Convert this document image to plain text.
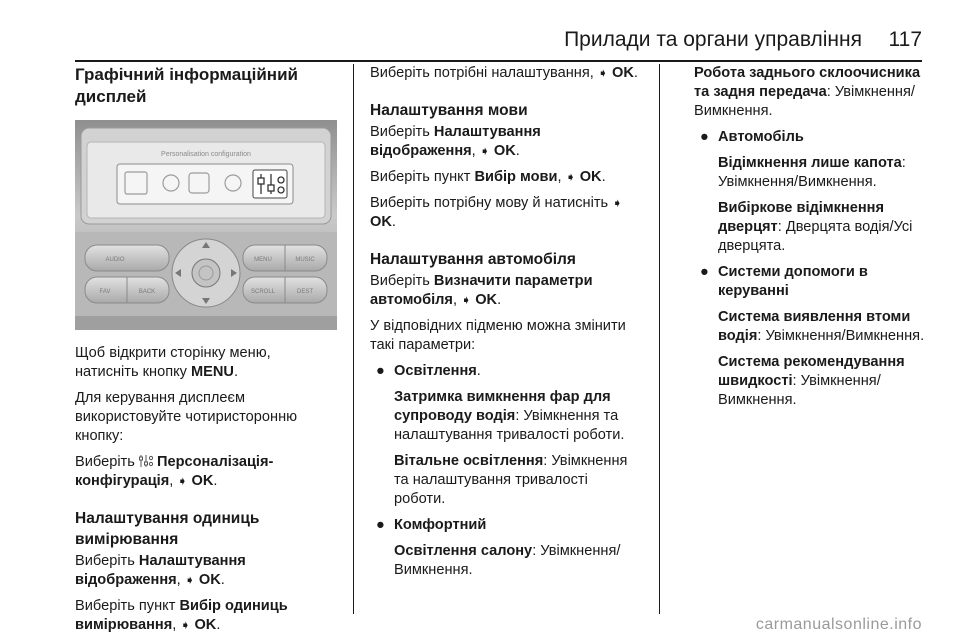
Прилади та органи управління 117
Графічний інформаційний
дисплей
Personalisation configuration
AUDIO	MENU	MUSIC
BACK
FAV	SCROLL	DEST

Щоб відкрити сторінку меню, натисніть кнопку MENU.

Для керування дисплеєм використовуйте чотиристоронню кнопку:

Виберіть  Персоналізація-конфігурація, ➧ OK.

Налаштування одиниць
вимірювання

Виберіть Налаштування відображення, ➧ OK.

Виберіть пункт Вибір одиниць вимірювання, ➧ OK.

Виберіть потрібні налаштування, ➧ OK.

Налаштування мови

Виберіть Налаштування відображення, ➧ OK.

Виберіть пункт Вибір мови, ➧ OK.

Виберіть потрібну мову й натисніть ➧ OK.

Налаштування автомобіля

Виберіть Визначити параметри автомобіля, ➧ OK.

У відповідних підменю можна змінити такі параметри:

● Освітлення.

Затримка вимкнення фар для супроводу водія: Увімкнення та налаштування тривалості роботи.

Вітальне освітлення: Увімкнення та налаштування тривалості роботи.

● Комфортний

Освітлення салону: Увімкнення/Вимкнення.

Робота заднього склоочисника та задня передача: Увімкнення/Вимкнення.

● Автомобіль

Відімкнення лише капота: Увімкнення/Вимкнення.

Вибіркове відімкнення дверцят: Дверцята водія/Усі дверцята.

● Системи допомоги в керуванні

Система виявлення втоми водія: Увімкнення/Вимкнення.

Система рекомендування швидкості: Увімкнення/ Вимкнення.

carmanualsonline.info
